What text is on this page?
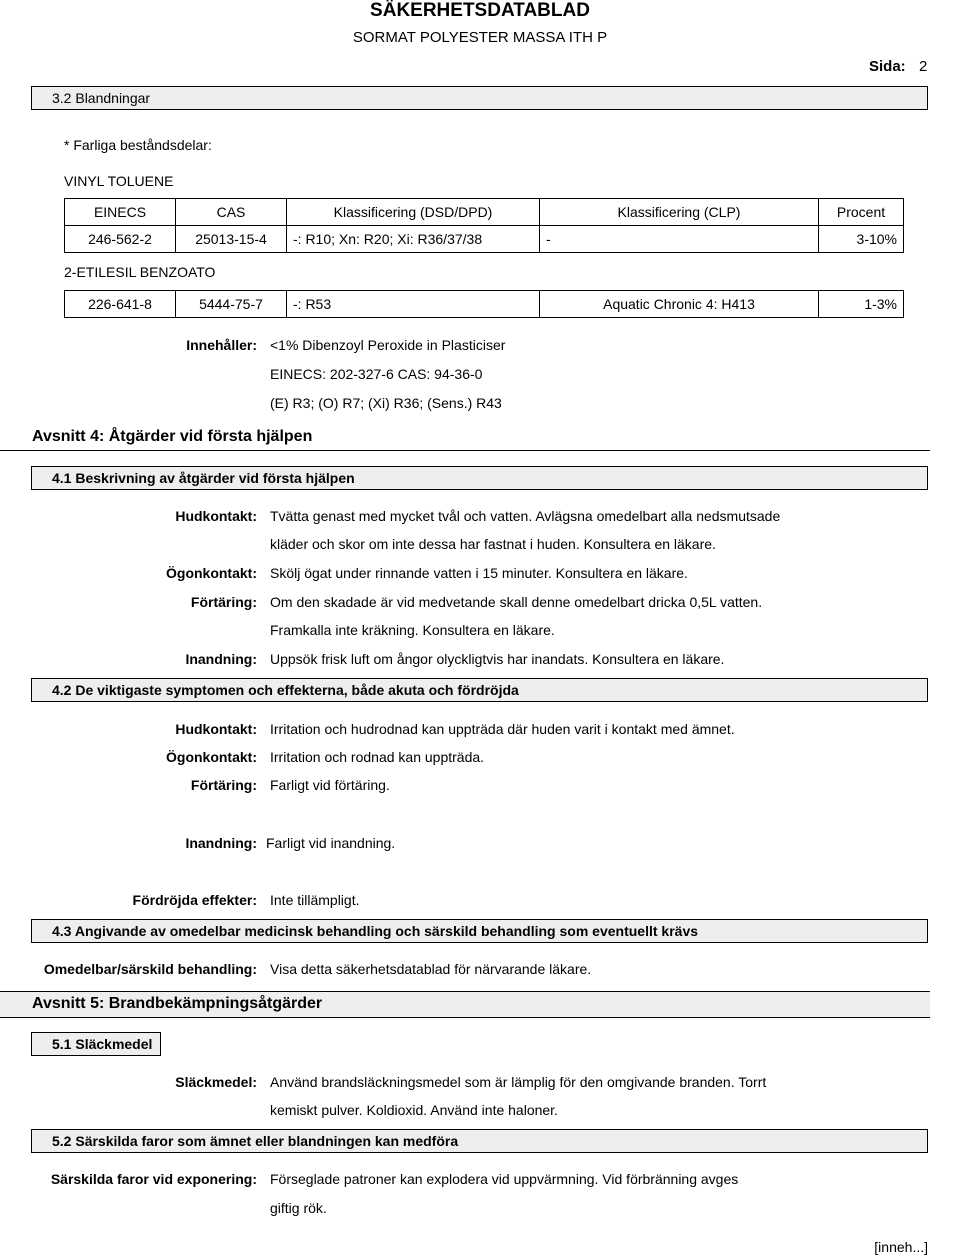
SÄKERHETSDATABLAD
SORMAT POLYESTER MASSA ITH P
Sida: 2
3.2 Blandningar
* Farliga beståndsdelar:
VINYL TOLUENE
EINECS	CAS	Klassificering (DSD/DPD)	Klassificering (CLP)	Procent
246-562-2	25013-15-4	-: R10; Xn: R20; Xi: R36/37/38	-	3-10%
2-ETILESIL BENZOATO
226-641-8	5444-75-7	-: R53	Aquatic Chronic 4: H413	1-3%
Innehåller: <1% Dibenzoyl Peroxide in Plasticiser
EINECS: 202-327-6 CAS: 94-36-0
(E) R3; (O) R7; (Xi) R36; (Sens.) R43
Avsnitt 4: Åtgärder vid första hjälpen
4.1 Beskrivning av åtgärder vid första hjälpen
Hudkontakt: Tvätta genast med mycket tvål och vatten. Avlägsna omedelbart alla nedsmutsade
kläder och skor om inte dessa har fastnat i huden. Konsultera en läkare.
Ögonkontakt: Skölj ögat under rinnande vatten i 15 minuter. Konsultera en läkare.
Förtäring: Om den skadade är vid medvetande skall denne omedelbart dricka 0,5L vatten.
Framkalla inte kräkning. Konsultera en läkare.
Inandning: Uppsök frisk luft om ångor olyckligtvis har inandats. Konsultera en läkare.
4.2 De viktigaste symptomen och effekterna, både akuta och fördröjda
Hudkontakt: Irritation och hudrodnad kan uppträda där huden varit i kontakt med ämnet.
Ögonkontakt: Irritation och rodnad kan uppträda.
Förtäring: Farligt vid förtäring.
Inandning: Farligt vid inandning.
Fördröjda effekter: Inte tillämpligt.
4.3 Angivande av omedelbar medicinsk behandling och särskild behandling som eventuellt krävs
Omedelbar/särskild behandling: Visa detta säkerhetsdatablad för närvarande läkare.
Avsnitt 5: Brandbekämpningsåtgärder
5.1 Släckmedel
Släckmedel: Använd brandsläckningsmedel som är lämplig för den omgivande branden. Torrt
kemiskt pulver. Koldioxid. Använd inte haloner.
5.2 Särskilda faror som ämnet eller blandningen kan medföra
Särskilda faror vid exponering: Förseglade patroner kan explodera vid uppvärmning. Vid förbränning avges
giftig rök.
[inneh...]
